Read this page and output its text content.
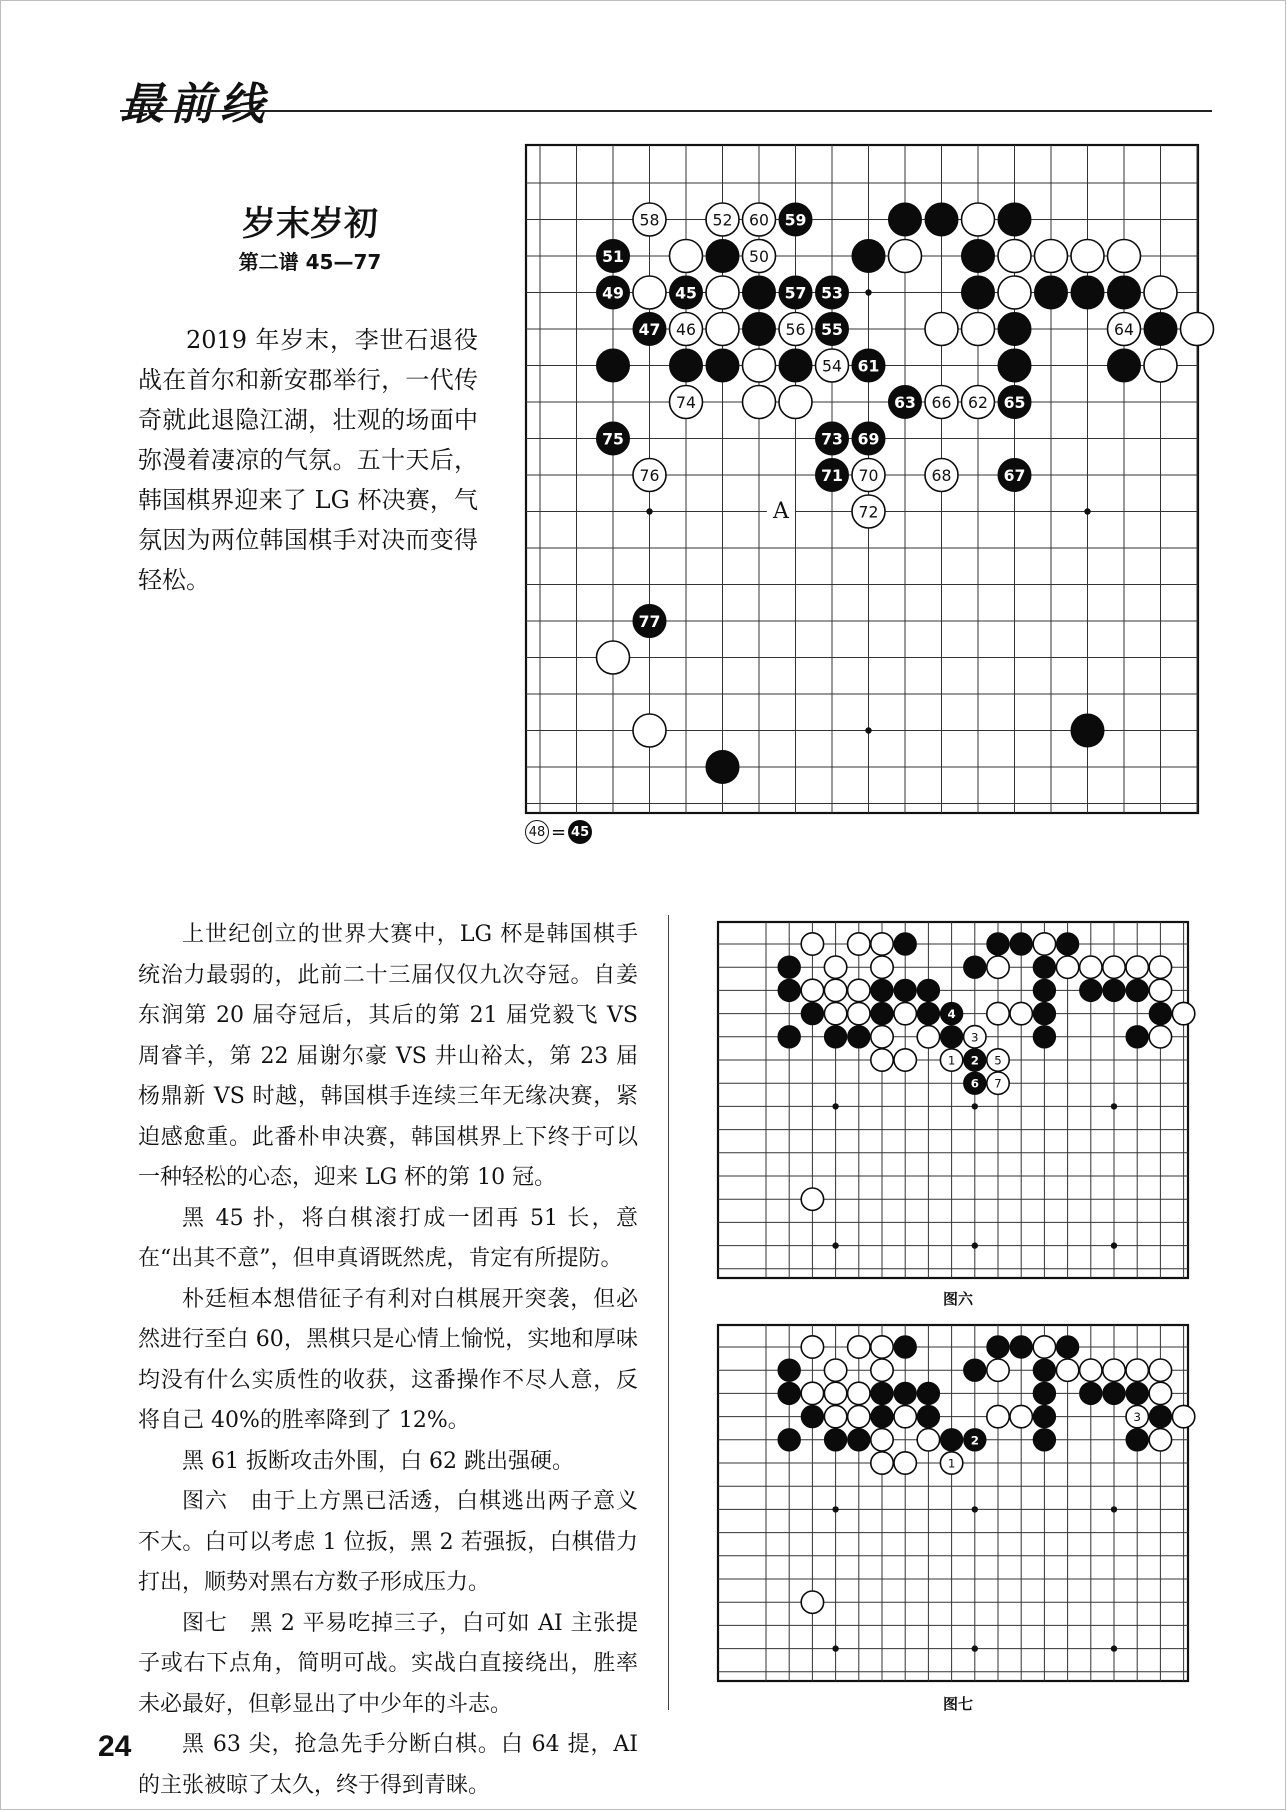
最前线
岁末岁初
第二谱 45—77

2019 年岁末，李世石退役战在首尔和新安郡举行，一代传奇就此退隐江湖，壮观的场面中弥漫着凄凉的气氛。五十天后，韩国棋界迎来了 LG 杯决赛，气氛因为两位韩国棋手对决而变得轻松。

58	52 60 59
51	50
49	45	57 53
47 46	56 55	64
54 61
74	63 66 62 65
75	73 69
76	71 70	68	67
72
77
A
48 = 45

上世纪创立的世界大赛中，LG 杯是韩国棋手统治力最弱的，此前二十三届仅仅九次夺冠。自姜东润第 20 届夺冠后，其后的第 21 届党毅飞 VS 周睿羊，第 22 届谢尔豪 VS 井山裕太，第 23 届杨鼎新 VS 时越，韩国棋手连续三年无缘决赛，紧迫感愈重。此番朴申决赛，韩国棋界上下终于可以一种轻松的心态，迎来 LG 杯的第 10 冠。

黑 45 扑，将白棋滚打成一团再 51 长，意在“出其不意”，但申真谞既然虎，肯定有所提防。

朴廷桓本想借征子有利对白棋展开突袭，但必然进行至白 60，黑棋只是心情上愉悦，实地和厚味均没有什么实质性的收获，这番操作不尽人意，反将自己 40%的胜率降到了 12%。

黑 61 扳断攻击外围，白 62 跳出强硬。

图六　由于上方黑已活透，白棋逃出两子意义不大。白可以考虑 1 位扳，黑 2 若强扳，白棋借力打出，顺势对黑右方数子形成压力。

图七　黑 2 平易吃掉三子，白可如 AI 主张提子或右下点角，简明可战。实战白直接绕出，胜率未必最好，但彰显出了中少年的斗志。

黑 63 尖，抢急先手分断白棋。白 64 提，AI 的主张被晾了太久，终于得到青睐。

4
3
1 2 5
6 7
图六
3
2
1
图七
24
